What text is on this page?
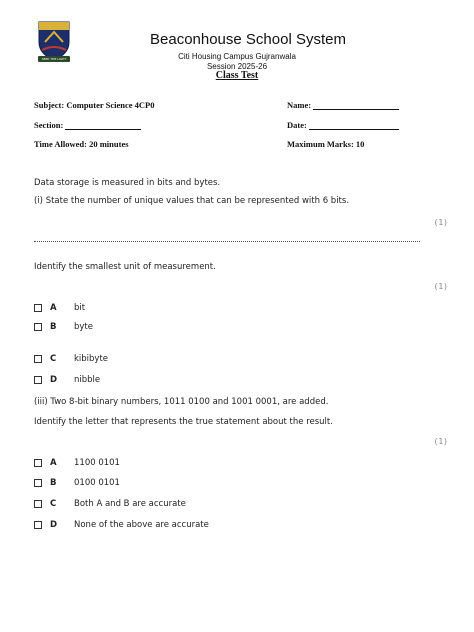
SEEK THE LIGHT
Beaconhouse School System
Citi Housing Campus Gujranwala
Session 2025-26
Class Test
Subject: Computer Science 4CP0	Name:
Section:	Date:
Time Allowed: 20 minutes	Maximum Marks: 10
Data storage is measured in bits and bytes.
(i) State the number of unique values that can be represented with 6 bits.
(1)
Identify the smallest unit of measurement.
(1)
A	bit
B	byte
C	kibibyte
D	nibble
(iii) Two 8-bit binary numbers, 1011 0100 and 1001 0001, are added.
Identify the letter that represents the true statement about the result.
(1)
A	1100 0101
B	0100 0101
C	Both A and B are accurate
D	None of the above are accurate
